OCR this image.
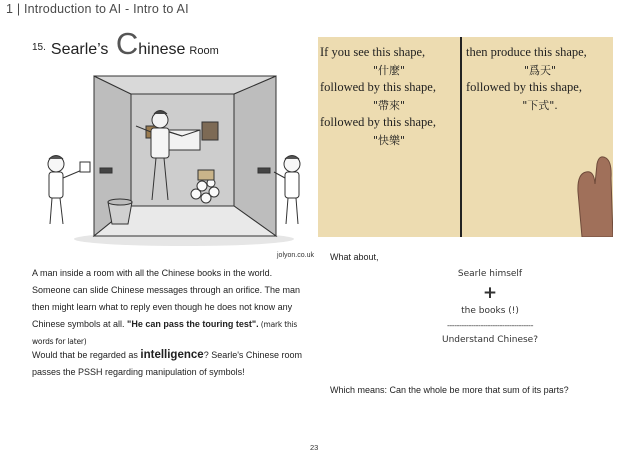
1 | Introduction to AI - Intro to AI
$^{15.}$ Searle’s Chinese Room
jolyon.co.uk

A man inside a room with all the Chinese books in the world. Someone can slide Chinese messages through an orifice. The man then might learn what to reply even though he does not know any Chinese symbols at all. "He can pass the touring test". (mark this words for later)

Would that be regarded as intelligence? Searle's Chinese room passes the PSSH regarding manipulation of symbols!

If you see this shape,
"什麼"
followed by this shape,
"帶來"
followed by this shape,
"快樂"
then produce this shape,
"爲天"
followed by this shape,
"下式".
What about,
Searle himself
+
the books (!)
------------------------------------
Understand Chinese?
Which means: Can the whole be more that sum of its parts?
23
